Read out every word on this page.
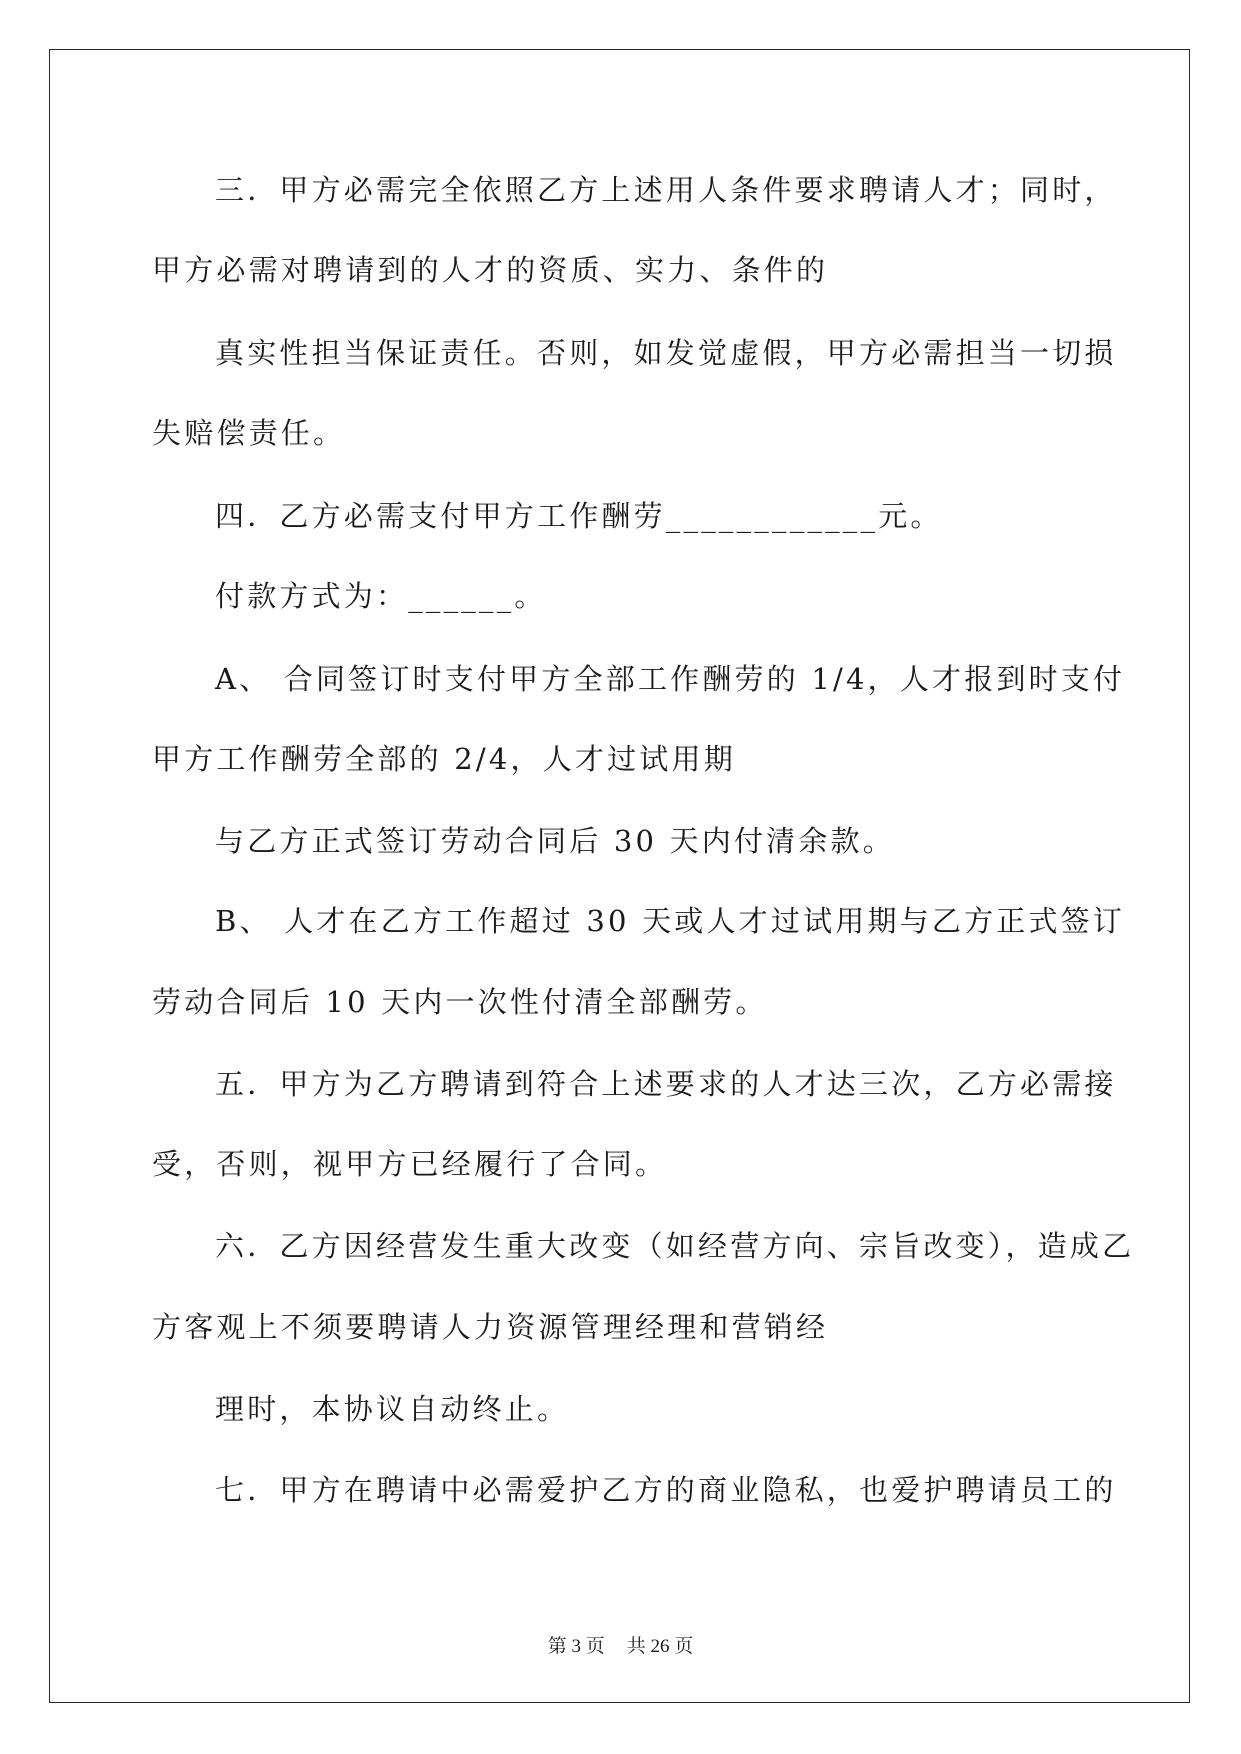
三．甲方必需完全依照乙方上述用人条件要求聘请人才；同时，
甲方必需对聘请到的人才的资质、实力、条件的
真实性担当保证责任。否则，如发觉虚假，甲方必需担当一切损
失赔偿责任。
四．乙方必需支付甲方工作酬劳____________元。
付款方式为：______。
A、 合同签订时支付甲方全部工作酬劳的 1/4，人才报到时支付
甲方工作酬劳全部的 2/4，人才过试用期
与乙方正式签订劳动合同后 30 天内付清余款。
B、 人才在乙方工作超过 30 天或人才过试用期与乙方正式签订
劳动合同后 10 天内一次性付清全部酬劳。
五．甲方为乙方聘请到符合上述要求的人才达三次，乙方必需接
受，否则，视甲方已经履行了合同。
六．乙方因经营发生重大改变（如经营方向、宗旨改变），造成乙
方客观上不须要聘请人力资源管理经理和营销经
理时，本协议自动终止。
七．甲方在聘请中必需爱护乙方的商业隐私，也爱护聘请员工的
第 3 页 共 26 页
